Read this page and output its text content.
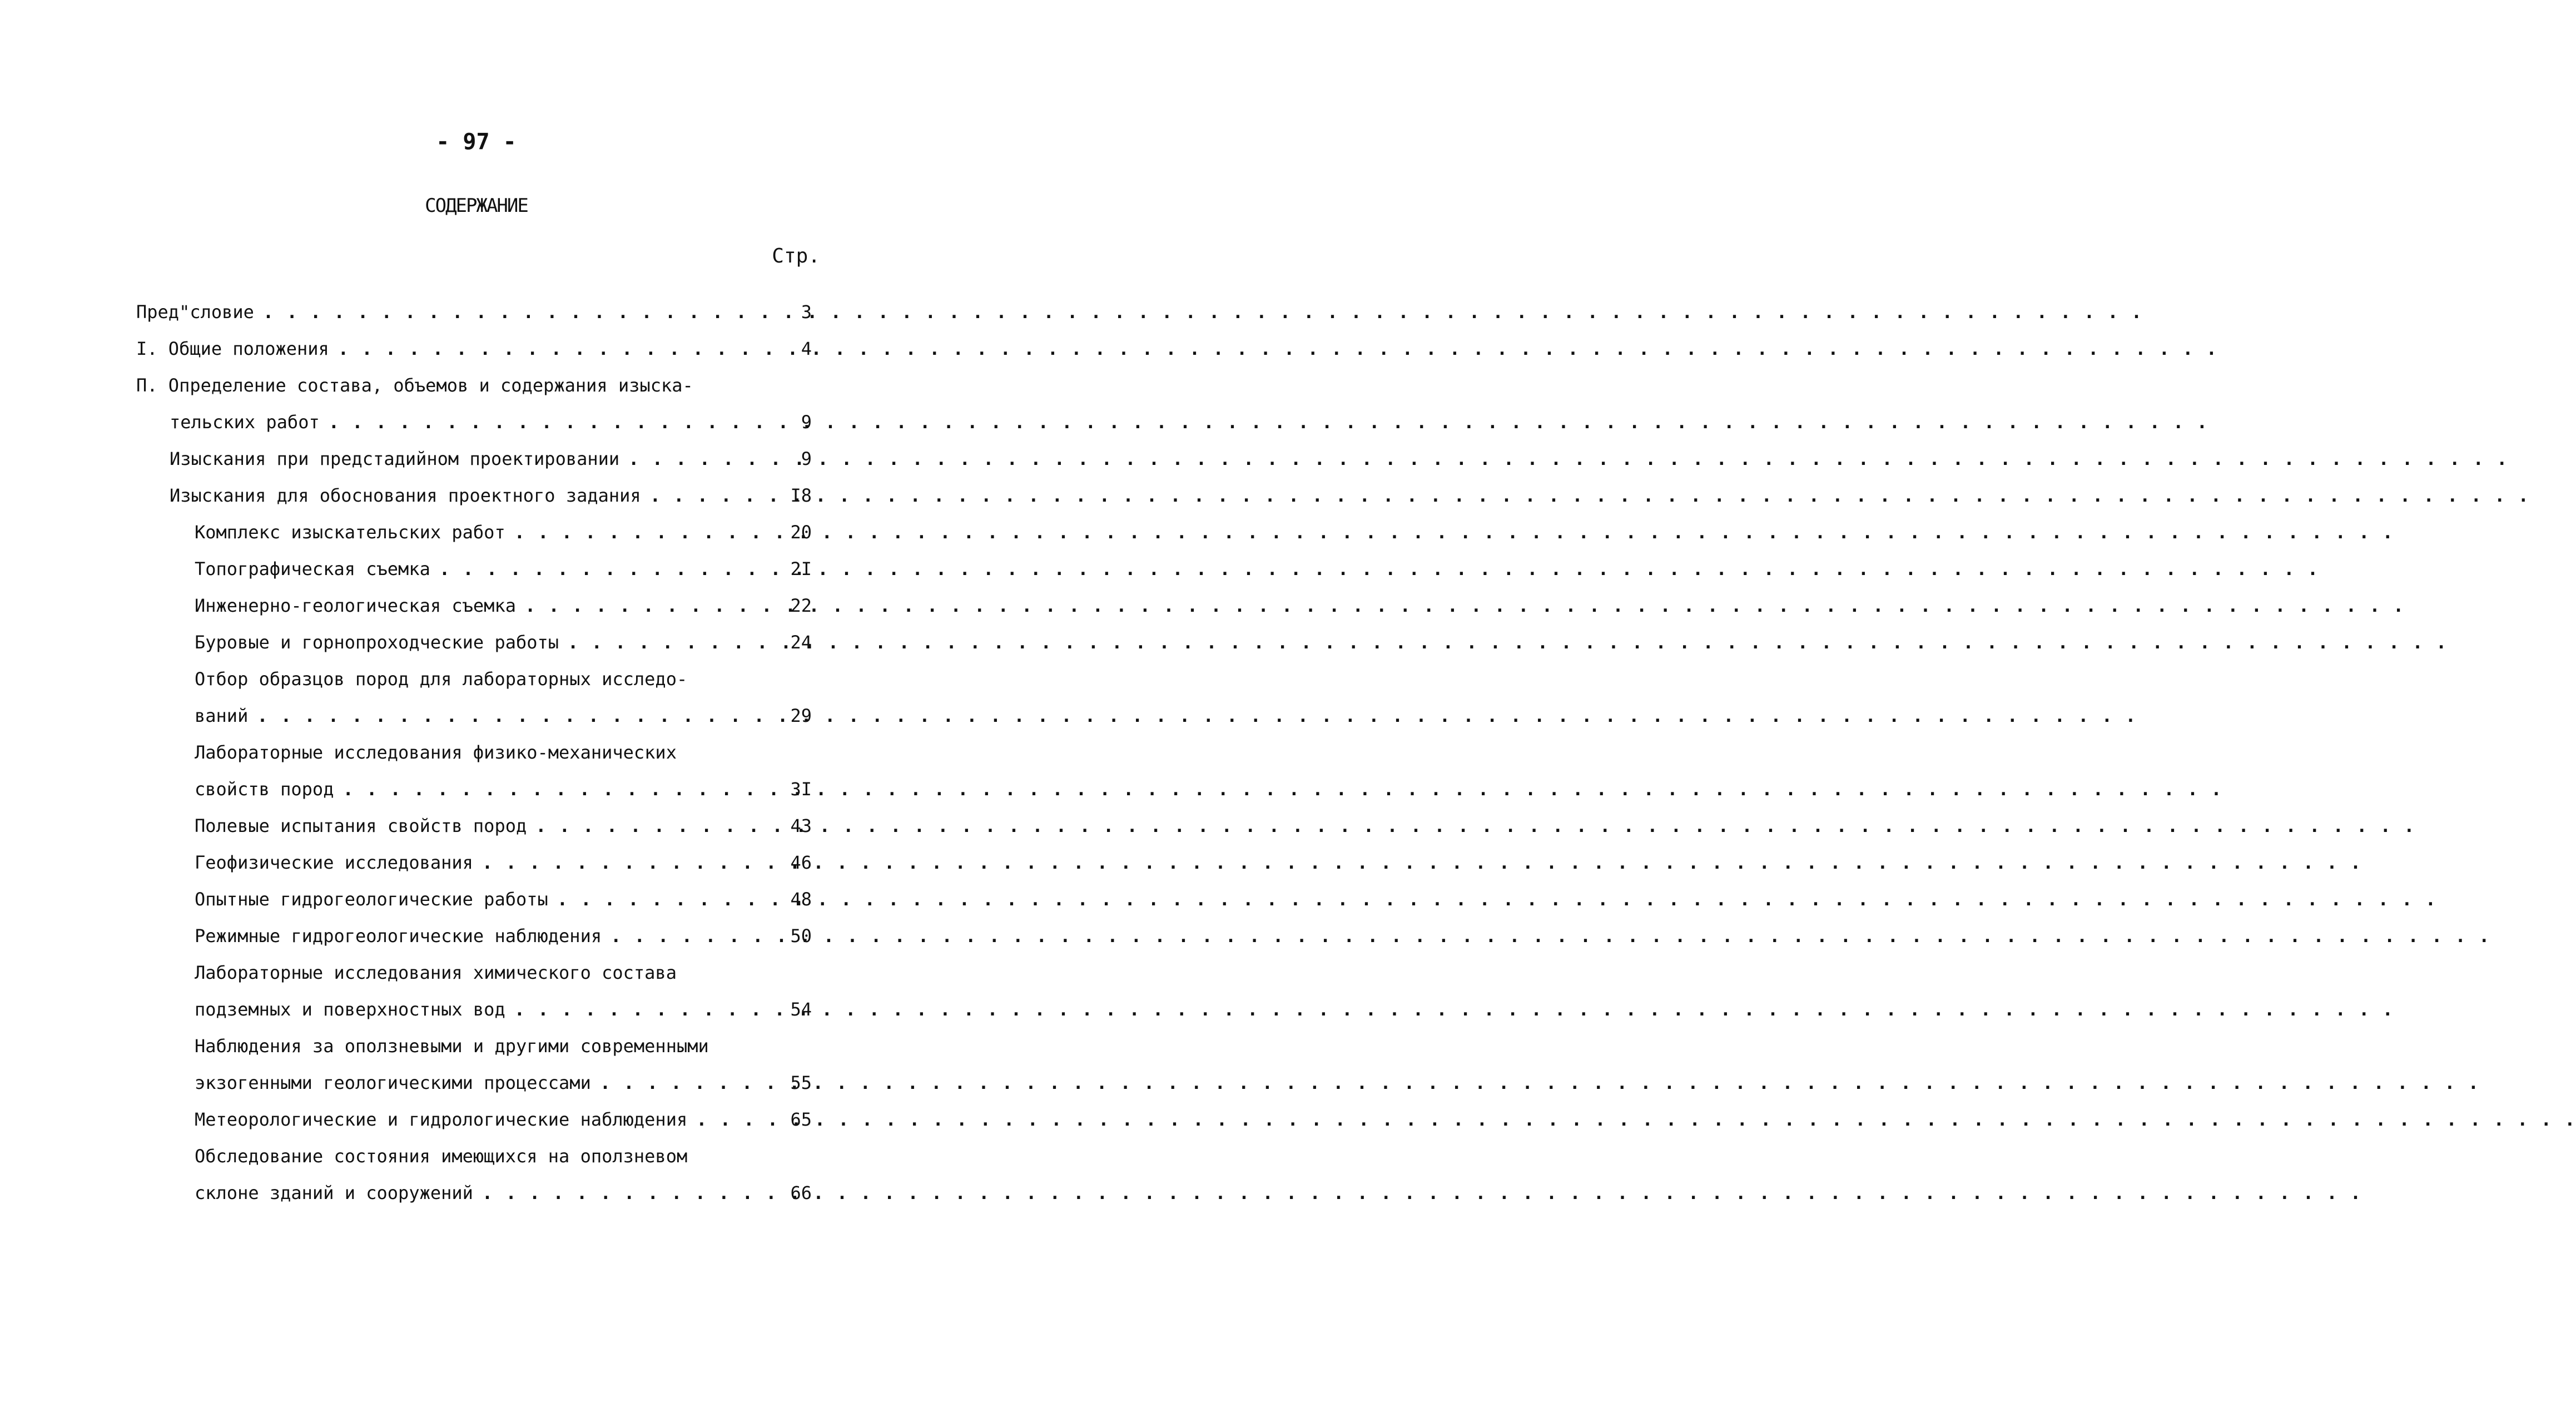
- 97 -
СОДЕРЖАНИЕ
Стр.
Пред"словие . . .	3
I. Общие положения . . .	4
П. Определение состава, объемов и содержания изыска-
тельских работ . . .	9
Изыскания при предстадийном проектировании . . .	9
Изыскания для обоснования проектного задания . . .	I8
Комплекс изыскательских работ . . .	20
Топографическая съемка . . .	2I
Инженерно-геологическая съемка . . .	22
Буровые и горнопроходческие работы . . .	24
Отбор образцов пород для лабораторных исследо-
ваний . . .	29
Лабораторные исследования физико-механических
свойств пород . . .	3I
Полевые испытания свойств пород . . .	43
Геофизические исследования . . .	46
Опытные гидрогеологические работы . . .	48
Режимные гидрогеологические наблюдения . . .	50
Лабораторные исследования химического состава
подземных и поверхностных вод . . .	54
Наблюдения за оползневыми и другими современными
экзогенными геологическими процессами . . .	55
Метеорологические и гидрологические наблюдения . . .	65
Обследование состояния имеющихся на оползневом
склоне зданий и сооружений . . .	66
